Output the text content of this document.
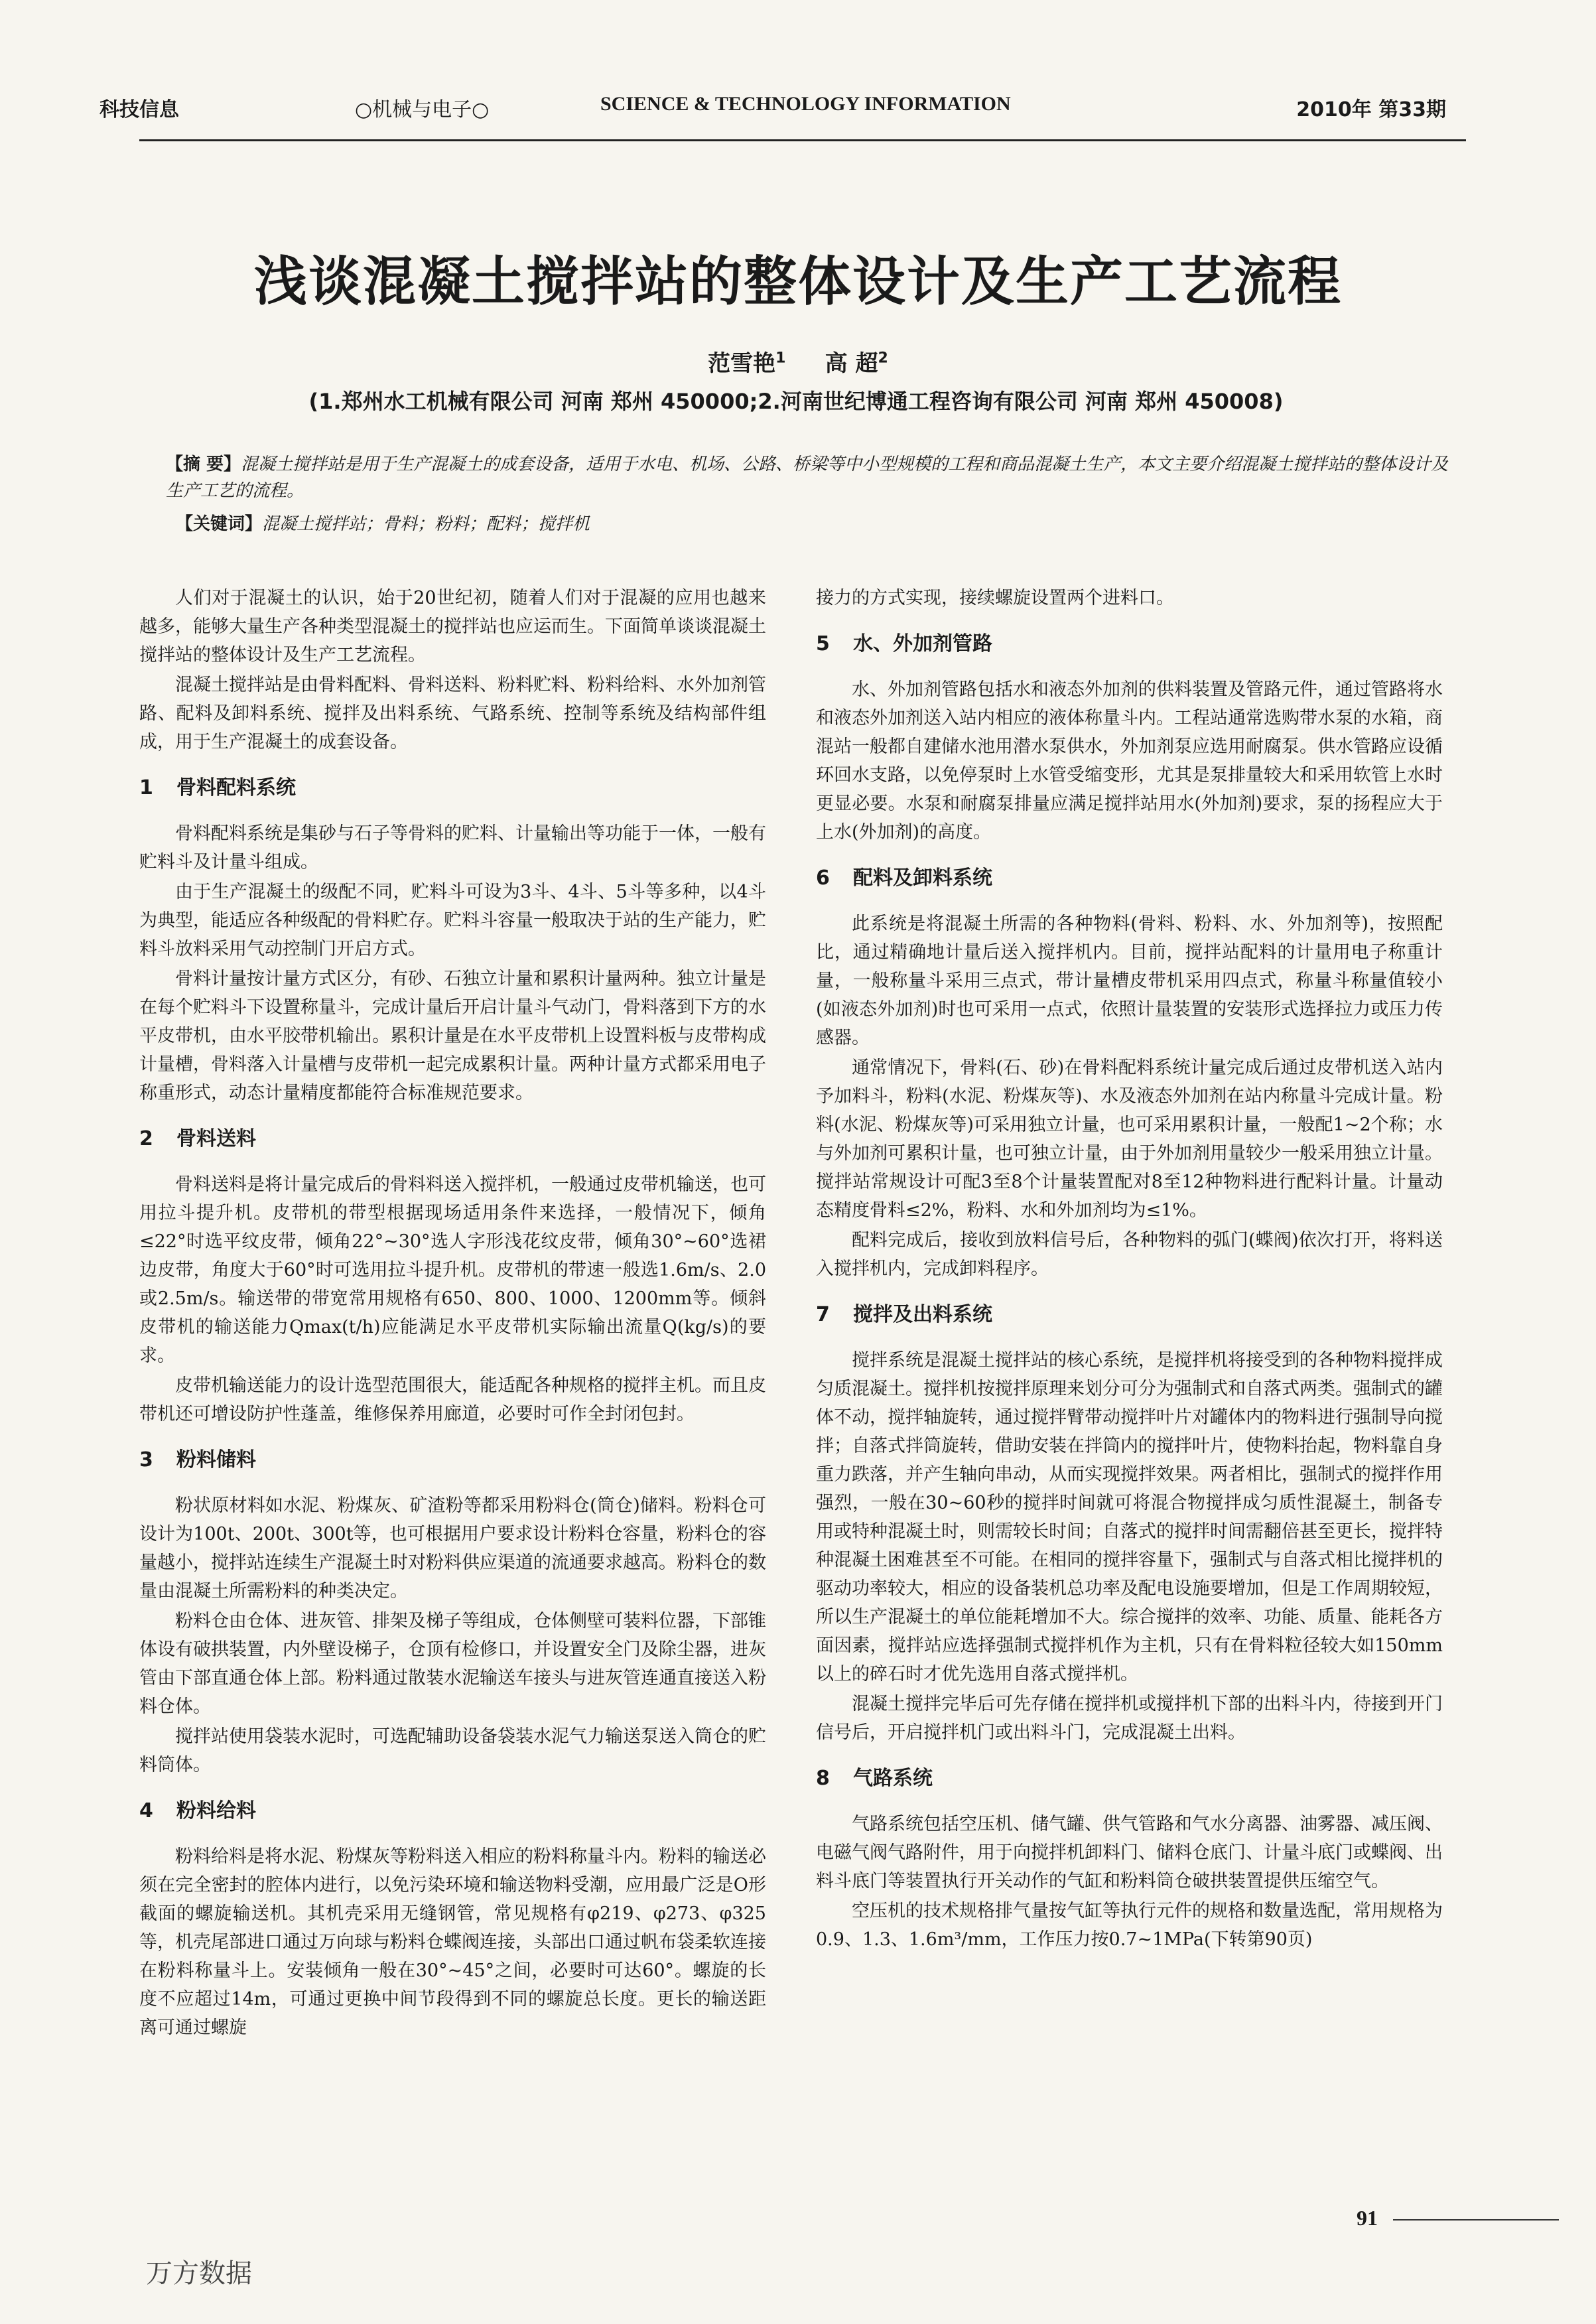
科技信息	○机械与电子○	SCIENCE & TECHNOLOGY INFORMATION	2010年 第33期
浅谈混凝土搅拌站的整体设计及生产工艺流程
范雪艳$^1$ 高 超$^2$
(1.郑州水工机械有限公司 河南 郑州 450000;2.河南世纪博通工程咨询有限公司 河南 郑州 450008)
【摘 要】混凝土搅拌站是用于生产混凝土的成套设备，适用于水电、机场、公路、桥梁等中小型规模的工程和商品混凝土生产，本文主要介绍混凝土搅拌站的整体设计及生产工艺的流程。
【关键词】混凝土搅拌站；骨料；粉料；配料；搅拌机

人们对于混凝土的认识，始于20世纪初，随着人们对于混凝的应用也越来越多，能够大量生产各种类型混凝土的搅拌站也应运而生。下面简单谈谈混凝土搅拌站的整体设计及生产工艺流程。

混凝土搅拌站是由骨料配料、骨料送料、粉料贮料、粉料给料、水外加剂管路、配料及卸料系统、搅拌及出料系统、气路系统、控制等系统及结构部件组成，用于生产混凝土的成套设备。

1 骨料配料系统

骨料配料系统是集砂与石子等骨料的贮料、计量输出等功能于一体，一般有贮料斗及计量斗组成。

由于生产混凝土的级配不同，贮料斗可设为3斗、4斗、5斗等多种，以4斗为典型，能适应各种级配的骨料贮存。贮料斗容量一般取决于站的生产能力，贮料斗放料采用气动控制门开启方式。

骨料计量按计量方式区分，有砂、石独立计量和累积计量两种。独立计量是在每个贮料斗下设置称量斗，完成计量后开启计量斗气动门，骨料落到下方的水平皮带机，由水平胶带机输出。累积计量是在水平皮带机上设置料板与皮带构成计量槽，骨料落入计量槽与皮带机一起完成累积计量。两种计量方式都采用电子称重形式，动态计量精度都能符合标准规范要求。

2 骨料送料

骨料送料是将计量完成后的骨料料送入搅拌机，一般通过皮带机输送，也可用拉斗提升机。皮带机的带型根据现场适用条件来选择，一般情况下，倾角≤22°时选平纹皮带，倾角22°~30°选人字形浅花纹皮带，倾角30°~60°选裙边皮带，角度大于60°时可选用拉斗提升机。皮带机的带速一般选1.6m/s、2.0或2.5m/s。输送带的带宽常用规格有650、800、1000、1200mm等。倾斜皮带机的输送能力Qmax(t/h)应能满足水平皮带机实际输出流量Q(kg/s)的要求。

皮带机输送能力的设计选型范围很大，能适配各种规格的搅拌主机。而且皮带机还可增设防护性蓬盖，维修保养用廊道，必要时可作全封闭包封。

3 粉料储料

粉状原材料如水泥、粉煤灰、矿渣粉等都采用粉料仓(筒仓)储料。粉料仓可设计为100t、200t、300t等，也可根据用户要求设计粉料仓容量，粉料仓的容量越小，搅拌站连续生产混凝土时对粉料供应渠道的流通要求越高。粉料仓的数量由混凝土所需粉料的种类决定。

粉料仓由仓体、进灰管、排架及梯子等组成，仓体侧壁可装料位器，下部锥体设有破拱装置，内外壁设梯子，仓顶有检修口，并设置安全门及除尘器，进灰管由下部直通仓体上部。粉料通过散装水泥输送车接头与进灰管连通直接送入粉料仓体。

搅拌站使用袋装水泥时，可选配辅助设备袋装水泥气力输送泵送入筒仓的贮料筒体。

4 粉料给料

粉料给料是将水泥、粉煤灰等粉料送入相应的粉料称量斗内。粉料的输送必须在完全密封的腔体内进行，以免污染环境和输送物料受潮，应用最广泛是O形截面的螺旋输送机。其机壳采用无缝钢管，常见规格有φ219、φ273、φ325等，机壳尾部进口通过万向球与粉料仓蝶阀连接，头部出口通过帆布袋柔软连接在粉料称量斗上。安装倾角一般在30°~45°之间，必要时可达60°。螺旋的长度不应超过14m，可通过更换中间节段得到不同的螺旋总长度。更长的输送距离可通过螺旋

接力的方式实现，接续螺旋设置两个进料口。

5 水、外加剂管路

水、外加剂管路包括水和液态外加剂的供料装置及管路元件，通过管路将水和液态外加剂送入站内相应的液体称量斗内。工程站通常选购带水泵的水箱，商混站一般都自建储水池用潜水泵供水，外加剂泵应选用耐腐泵。供水管路应设循环回水支路，以免停泵时上水管受缩变形，尤其是泵排量较大和采用软管上水时更显必要。水泵和耐腐泵排量应满足搅拌站用水(外加剂)要求，泵的扬程应大于上水(外加剂)的高度。

6 配料及卸料系统

此系统是将混凝土所需的各种物料(骨料、粉料、水、外加剂等)，按照配比，通过精确地计量后送入搅拌机内。目前，搅拌站配料的计量用电子称重计量，一般称量斗采用三点式，带计量槽皮带机采用四点式，称量斗称量值较小(如液态外加剂)时也可采用一点式，依照计量装置的安装形式选择拉力或压力传感器。

通常情况下，骨料(石、砂)在骨料配料系统计量完成后通过皮带机送入站内予加料斗，粉料(水泥、粉煤灰等)、水及液态外加剂在站内称量斗完成计量。粉料(水泥、粉煤灰等)可采用独立计量，也可采用累积计量，一般配1~2个称；水与外加剂可累积计量，也可独立计量，由于外加剂用量较少一般采用独立计量。搅拌站常规设计可配3至8个计量装置配对8至12种物料进行配料计量。计量动态精度骨料≤2%，粉料、水和外加剂均为≤1%。

配料完成后，接收到放料信号后，各种物料的弧门(蝶阀)依次打开，将料送入搅拌机内，完成卸料程序。

7 搅拌及出料系统

搅拌系统是混凝土搅拌站的核心系统，是搅拌机将接受到的各种物料搅拌成匀质混凝土。搅拌机按搅拌原理来划分可分为强制式和自落式两类。强制式的罐体不动，搅拌轴旋转，通过搅拌臂带动搅拌叶片对罐体内的物料进行强制导向搅拌；自落式拌筒旋转，借助安装在拌筒内的搅拌叶片，使物料抬起，物料靠自身重力跌落，并产生轴向串动，从而实现搅拌效果。两者相比，强制式的搅拌作用强烈，一般在30~60秒的搅拌时间就可将混合物搅拌成匀质性混凝土，制备专用或特种混凝土时，则需较长时间；自落式的搅拌时间需翻倍甚至更长，搅拌特种混凝土困难甚至不可能。在相同的搅拌容量下，强制式与自落式相比搅拌机的驱动功率较大，相应的设备装机总功率及配电设施要增加，但是工作周期较短，所以生产混凝土的单位能耗增加不大。综合搅拌的效率、功能、质量、能耗各方面因素，搅拌站应选择强制式搅拌机作为主机，只有在骨料粒径较大如150mm以上的碎石时才优先选用自落式搅拌机。

混凝土搅拌完毕后可先存储在搅拌机或搅拌机下部的出料斗内，待接到开门信号后，开启搅拌机门或出料斗门，完成混凝土出料。

8 气路系统

气路系统包括空压机、储气罐、供气管路和气水分离器、油雾器、减压阀、电磁气阀气路附件，用于向搅拌机卸料门、储料仓底门、计量斗底门或蝶阀、出料斗底门等装置执行开关动作的气缸和粉料筒仓破拱装置提供压缩空气。

空压机的技术规格排气量按气缸等执行元件的规格和数量选配，常用规格为0.9、1.3、1.6m³/mm，工作压力按0.7~1MPa(下转第90页)

91
万方数据
